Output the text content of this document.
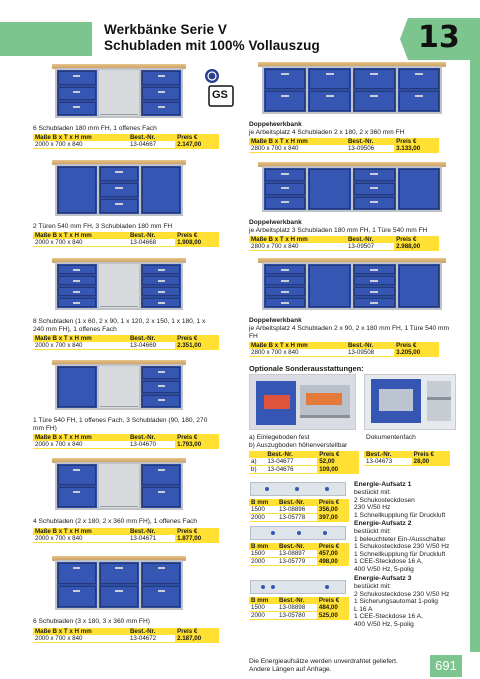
Werkbänke Serie V
Schubladen mit 100% Vollauszug	13
6 Schubladen 180 mm FH, 1 offenes Fach
Maße B x T x H mm	Best.-Nr.	Preis €
2000 x 700 x 840	13-04667	2.147,00
2 Türen 540 mm FH, 3 Schubladen 180 mm FH
Maße B x T x H mm	Best.-Nr.	Preis €
2000 x 700 x 840	13-04668	1.908,00
8 Schubladen (1 x 60, 2 x 90, 1 x 120, 2 x 150, 1 x 180, 1 x 240 mm FH), 1 offenes Fach
Maße B x T x H mm	Best.-Nr.	Preis €
2000 x 700 x 840	13-04669	2.351,00
1 Türe 540 FH, 1 offenes Fach, 3 Schubladen (90, 180, 270 mm FH)
Maße B x T x H mm	Best.-Nr.	Preis €
2000 x 700 x 840	13-04670	1.793,00
4 Schubladen (2 x 180, 2 x 360 mm FH), 1 offenes Fach
Maße B x T x H mm	Best.-Nr.	Preis €
2000 x 700 x 840	13-04671	1.877,00
6 Schubladen (3 x 180, 3 x 360 mm FH)
Maße B x T x H mm	Best.-Nr.	Preis €
2000 x 700 x 840	13-04672	2.187,00
GS
Doppelwerkbank
je Arbeitsplatz 4 Schubladen 2 x 180, 2 x 360 mm FH
Maße B x T x H mm	Best.-Nr.	Preis €
2800 x 700 x 840	13-09506	3.133,00
Doppelwerkbank
je Arbeitsplatz 3 Schubladen 180 mm FH, 1 Türe 540 mm FH
Maße B x T x H mm	Best.-Nr.	Preis €
2800 x 700 x 840	13-09507	2.988,00
Doppelwerkbank
je Arbeitsplatz 4 Schubladen 2 x 90, 2 x 180 mm FH, 1 Türe 540 mm FH
Maße B x T x H mm	Best.-Nr.	Preis €
2800 x 700 x 840	13-09508	3.205,00
Optionale Sonderausstattungen:
a) Einlegeboden fest
b) Auszugboden höhenverstellbar
Dokumentenfach
	Best.-Nr.	Preis €
a)	13-04677	52,00
b)	13-04676	109,00
Best.-Nr.	Preis €
13-04673	28,00
B mm	Best.-Nr.	Preis €
1500	13-08896	356,00
2000	13-05778	397,00
Energie-Aufsatz 1
bestückt mit:
2 Schukosteckdosen
230 V/50 Hz
1 Schnellkupplung für Druckluft
B mm	Best.-Nr.	Preis €
1500	13-08897	457,00
2000	13-05779	498,00
Energie-Aufsatz 2
bestückt mit:
1 beleuchteter Ein-/Ausschalter
1 Schukosteckdose 230 V/50 Hz
1 Schnellkupplung für Druckluft
1 CEE-Steckdose 16 A,
400 V/50 Hz, 5-polig
B mm	Best.-Nr.	Preis €
1500	13-08898	484,00
2000	13-05780	525,00
Energie-Aufsatz 3
bestückt mit:
2 Schukosteckdose 230 V/50 Hz
1 Sicherungsautomat 1-polig
L 16 A
1 CEE-Steckdose 16 A,
400 V/50 Hz, 5-polig
Die Energieaufsätze werden unverdrahtet geliefert.
Andere Längen auf Anfrage.	691
